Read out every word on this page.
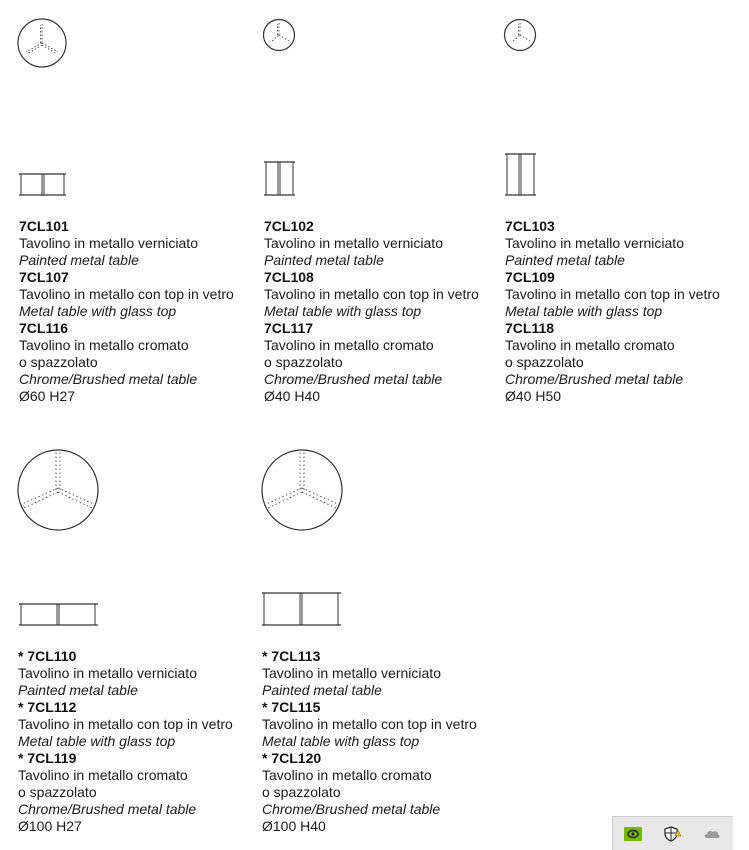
7CL101
Tavolino in metallo verniciato
Painted metal table
7CL107
Tavolino in metallo con top in vetro
Metal table with glass top
7CL116
Tavolino in metallo cromato
o spazzolato
Chrome/Brushed metal table
Ø60 H27
7CL102
Tavolino in metallo verniciato
Painted metal table
7CL108
Tavolino in metallo con top in vetro
Metal table with glass top
7CL117
Tavolino in metallo cromato
o spazzolato
Chrome/Brushed metal table
Ø40 H40
7CL103
Tavolino in metallo verniciato
Painted metal table
7CL109
Tavolino in metallo con top in vetro
Metal table with glass top
7CL118
Tavolino in metallo cromato
o spazzolato
Chrome/Brushed metal table
Ø40 H50
* 7CL110
Tavolino in metallo verniciato
Painted metal table
* 7CL112
Tavolino in metallo con top in vetro
Metal table with glass top
* 7CL119
Tavolino in metallo cromato
o spazzolato
Chrome/Brushed metal table
Ø100 H27
* 7CL113
Tavolino in metallo verniciato
Painted metal table
* 7CL115
Tavolino in metallo con top in vetro
Metal table with glass top
* 7CL120
Tavolino in metallo cromato
o spazzolato
Chrome/Brushed metal table
Ø100 H40
